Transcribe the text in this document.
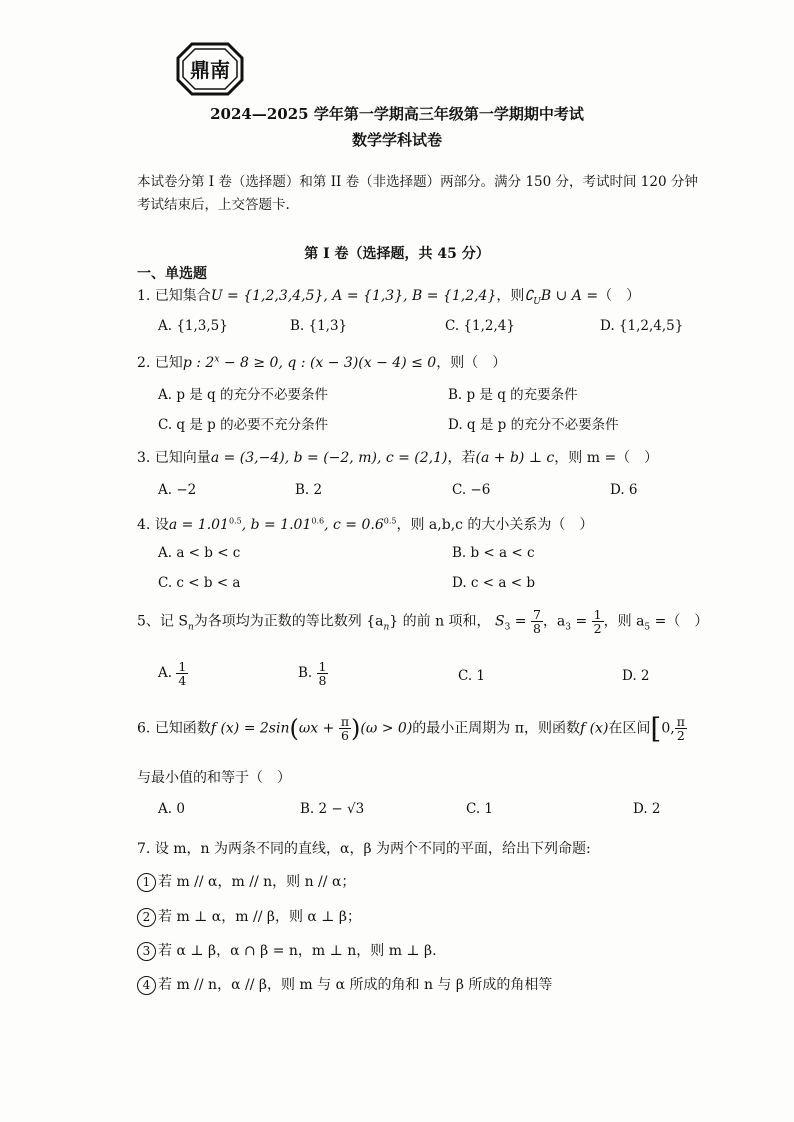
鼎南
2024—2025 学年第一学期高三年级第一学期期中考试
数学学科试卷
本试卷分第 I 卷（选择题）和第 II 卷（非选择题）两部分。满分 150 分，考试时间 120 分钟
考试结束后，上交答题卡.
第 I 卷（选择题，共 45 分）
一、单选题
1. 已知集合U = {1,2,3,4,5}, A = {1,3}, B = {1,2,4}，则$∁_UB$ ∪ A =（　）
A. {1,3,5}	B. {1,3}	C. {1,2,4}	D. {1,2,4,5}
2. 已知p : $2^x - 8 \ge 0$, q : (x − 3)(x − 4) ≤ 0，则（　）
A. p 是 q 的充分不必要条件	B. p 是 q 的充要条件
C. q 是 p 的必要不充分条件	D. q 是 p 的充分不必要条件
3. 已知向量a = (3,−4), b = (−2, m), c = (2,1)，若(a + b) ⊥ c，则 m =（　）
A. −2	B. 2	C. −6	D. 6
4. 设$a = 1.01^{0.5}$, $b = 1.01^{0.6}$, $c = 0.6^{0.5}$，则 a,b,c 的大小关系为（　）
A. a < b < c	B. b < a < c
C. c < b < a	D. c < a < b
5、记 $S_n$为各项均为正数的等比数列 $\{a_n\}$ 的前 n 项和， $S_3 = \frac{7}{8}$ ，$a_3 = \frac{1}{2}$ ，则 $a_5$ =（　）
A. $\frac{1}{4}$	B. $\frac{1}{8}$	C. 1	D. 2
6. 已知函数f $(x) = 2\sin(\omega x + \frac{\pi}{6} )(\omega > 0)$的最小正周期为 π，则函数f (x)在区间[0, $\frac{\pi}{2}$
与最小值的和等于（　）
A. 0	B. 2 − √3	C. 1	D. 2
7. 设 m，n 为两条不同的直线，α，β 为两个不同的平面，给出下列命题:
1 若 m // α，m // n，则 n // α；
2 若 m ⊥ α，m // β，则 α ⊥ β；
3 若 α ⊥ β，α ∩ β = n，m ⊥ n，则 m ⊥ β.
4 若 m // n，α // β，则 m 与 α 所成的角和 n 与 β 所成的角相等
